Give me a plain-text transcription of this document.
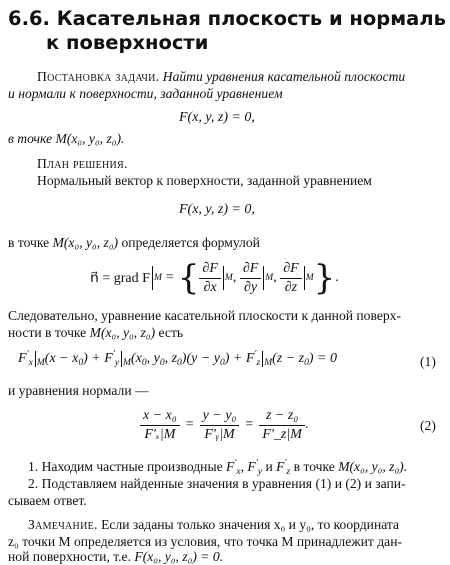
6.6. Касательная плоскость и нормаль
к поверхности
Постановка задачи. Найти уравнения касательной плоскости
и нормали к поверхности, заданной уравнением
F(x, y, z) = 0,
в точке M(x₀, y₀, z₀).
План решения.
Нормальный вектор к поверхности, заданной уравнением
F(x, y, z) = 0,
в точке M(x₀, y₀, z₀) определяется формулой
n⃗ = grad F M = { $\frac{\partial F}{\partial x}$ M , $\frac{\partial F}{\partial y}$ M , $\frac{\partial F}{\partial z}$ M } .
Следовательно, уравнение касательной плоскости к данной поверх-
ности в точке M(x₀, y₀, z₀) есть
$F'_x$ $_M(x - x_0) + F'_y$ $_M(x_0$, $y_0$, $z_0)(y - y_0) + F'_z$ $_M(z - z_0) = 0$	(1)
и уравнения нормали —
$\frac{\text{x − x₀}}{\text{F′ₓ|M}} = \frac{\text{y − y₀}}{\text{F′ᵧ|M}} = \frac{\text{z − z₀}}{F'\_z|M}$ .	(2)
1. Находим частные производные $F'_x$, $F'_y$ и $F'_z$ в точке M(x₀, y₀, z₀).
2. Подставляем найденные значения в уравнения (1) и (2) и запи-
сываем ответ.
Замечание. Если заданы только значения x₀ и y₀, то координата
z₀ точки M определяется из условия, что точка M принадлежит дан-
ной поверхности, т.е. F(x₀, y₀, z₀) = 0.
